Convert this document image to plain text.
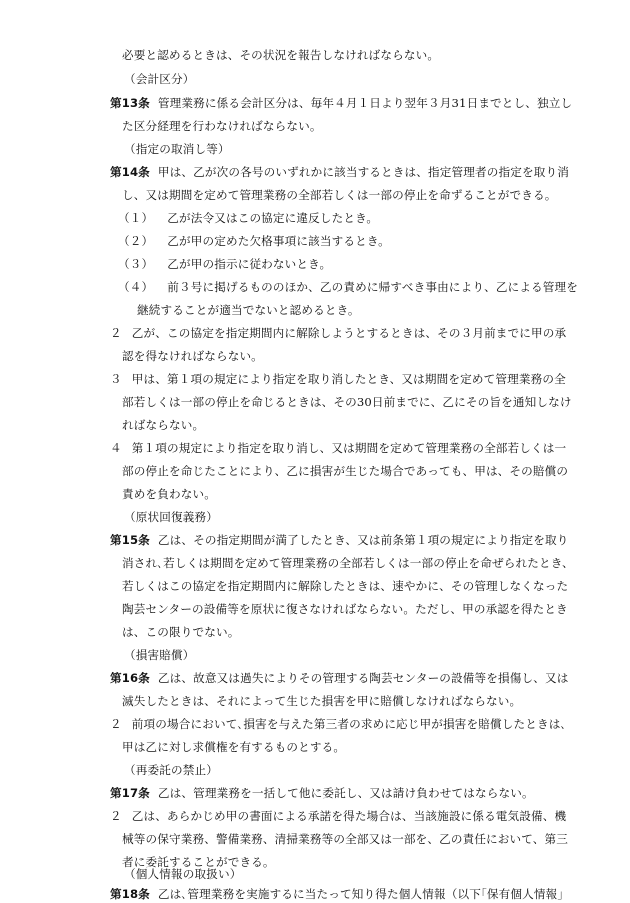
必要と認めるときは、その状況を報告しなければならない。
（会計区分）
第13条 管理業務に係る会計区分は、毎年４月１日より翌年３月31日までとし、独立し
た区分経理を行わなければならない。
（指定の取消し等）
第14条 甲は、乙が次の各号のいずれかに該当するときは、指定管理者の指定を取り消
し、又は期間を定めて管理業務の全部若しくは一部の停止を命ずることができる。
（１） 乙が法令又はこの協定に違反したとき。
（２） 乙が甲の定めた欠格事項に該当するとき。
（３） 乙が甲の指示に従わないとき。
（４） 前３号に掲げるもののほか、乙の責めに帰すべき事由により、乙による管理を
継続することが適当でないと認めるとき。
２ 乙が、この協定を指定期間内に解除しようとするときは、その３月前までに甲の承
認を得なければならない。
３ 甲は、第１項の規定により指定を取り消したとき、又は期間を定めて管理業務の全
部若しくは一部の停止を命じるときは、その30日前までに、乙にその旨を通知しなけ
ればならない。
４ 第１項の規定により指定を取り消し、又は期間を定めて管理業務の全部若しくは一
部の停止を命じたことにより、乙に損害が生じた場合であっても、甲は、その賠償の
責めを負わない。
（原状回復義務）
第15条 乙は、その指定期間が満了したとき、又は前条第１項の規定により指定を取り
消され､若しくは期間を定めて管理業務の全部若しくは一部の停止を命ぜられたとき、
若しくはこの協定を指定期間内に解除したときは、速やかに、その管理しなくなった
陶芸センターの設備等を原状に復さなければならない。ただし、甲の承認を得たとき
は、この限りでない。
（損害賠償）
第16条 乙は、故意又は過失によりその管理する陶芸センターの設備等を損傷し、又は
滅失したときは、それによって生じた損害を甲に賠償しなければならない。
２ 前項の場合において､損害を与えた第三者の求めに応じ甲が損害を賠償したときは､
甲は乙に対し求償権を有するものとする。
（再委託の禁止）
第17条 乙は、管理業務を一括して他に委託し、又は請け負わせてはならない。
２ 乙は、あらかじめ甲の書面による承諾を得た場合は、当該施設に係る電気設備、機
械等の保守業務、警備業務、清掃業務等の全部又は一部を、乙の責任において、第三
者に委託することができる。
（個人情報の取扱い）
第18条 乙は､管理業務を実施するに当たって知り得た個人情報（以下｢保有個人情報｣
